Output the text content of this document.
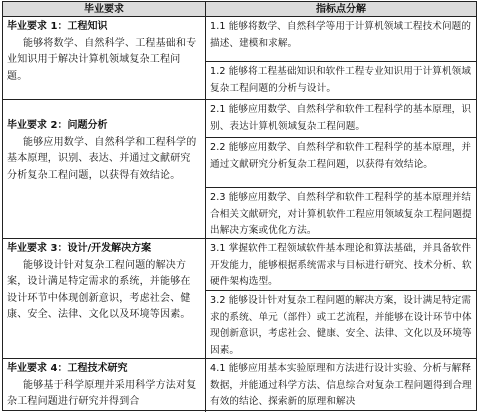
毕业要求	指标点分解
毕业要求 1：工程知识
能够将数学、自然科学、工程基础和专业知识用于解决计算机领域复杂工程问题。
1.1 能够将数学、自然科学等用于计算机领域工程技术问题的描述、建模和求解。
1.2 能够将工程基础知识和软件工程专业知识用于计算机领域复杂工程问题的分析与设计。
毕业要求 2：问题分析
能够应用数学、自然科学和工程科学的基本原理，识别、表达、并通过文献研究分析复杂工程问题，以获得有效结论。
2.1 能够应用数学、自然科学和软件工程科学的基本原理，识别、表达计算机领域复杂工程问题。
2.2 能够应用数学、自然科学和软件工程科学的基本原理，并通过文献研究分析复杂工程问题，以获得有效结论。
2.3 能够应用数学、自然科学和软件工程科学的基本原理并结合相关文献研究，对计算机软件工程应用领域复杂工程问题提出解决方案或优化方法。
毕业要求 3：设计/开发解决方案
能够设计针对复杂工程问题的解决方案，设计满足特定需求的系统，并能够在设计环节中体现创新意识，考虑社会、健康、安全、法律、文化以及环境等因素。
3.1 掌握软件工程领域软件基本理论和算法基础，并具备软件开发能力，能够根据系统需求与目标进行研究、技术分析、软硬件架构选型。
3.2 能够设计针对复杂工程问题的解决方案，设计满足特定需求的系统、单元（部件）或工艺流程，并能够在设计环节中体现创新意识，考虑社会、健康、安全、法律、文化以及环境等因素。
毕业要求 4：工程技术研究
能够基于科学原理并采用科学方法对复杂工程问题进行研究并得到合
4.1 能够应用基本实验原理和方法进行设计实验、分析与解释数据，并能通过科学方法、信息综合对复杂工程问题得到合理有效的结论、探索新的原理和解决
